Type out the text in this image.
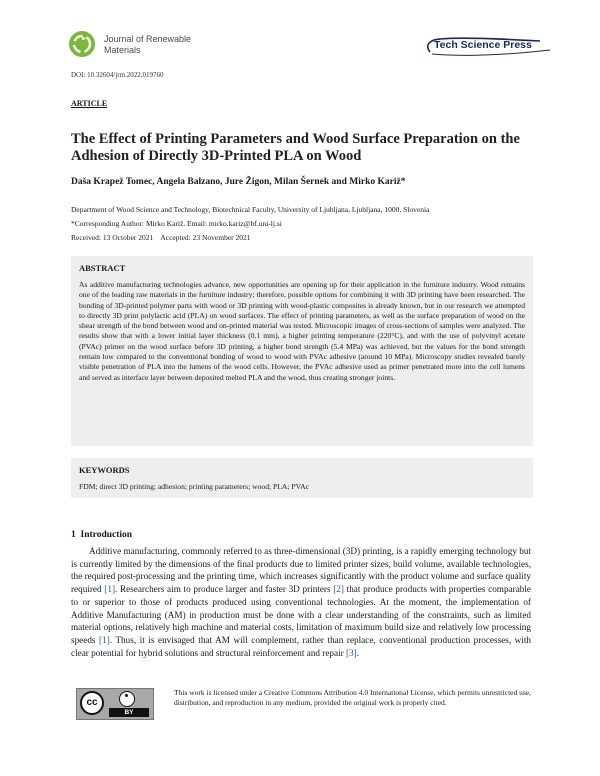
Journal of Renewable
Materials	Tech Science Press
DOI: 10.32604/jrm.2022.019760
ARTICLE
The Effect of Printing Parameters and Wood Surface Preparation on the Adhesion of Directly 3D-Printed PLA on Wood
Daša Krapež Tomec, Angela Balzano, Jure Žigon, Milan Šernek and Mirko Kariž*
Department of Wood Science and Technology, Biotechnical Faculty, University of Ljubljana, Ljubljana, 1000, Slovenia
*Corresponding Author: Mirko Kariž. Email: mirko.kariz@bf.uni-lj.si
Received: 13 October 2021    Accepted: 23 November 2021
ABSTRACT
As additive manufacturing technologies advance, new opportunities are opening up for their application in the furniture industry. Wood remains one of the leading raw materials in the furniture industry; therefore, possible options for combining it with 3D printing have been researched. The bonding of 3D-printed polymer parts with wood or 3D printing with wood-plastic composites is already known, but in our research we attempted to directly 3D print polylactic acid (PLA) on wood surfaces. The effect of printing parameters, as well as the surface preparation of wood on the shear strength of the bond between wood and on-printed material was tested. Microscopic images of cross-sections of samples were analyzed. The results show that with a lower initial layer thickness (0.1 mm), a higher printing temperature (220°C), and with the use of polyvinyl acetate (PVAc) primer on the wood surface before 3D printing, a higher bond strength (5.4 MPa) was achieved, but the values for the bond strength remain low compared to the conventional bonding of wood to wood with PVAc adhesive (around 10 MPa). Microscopy studies revealed barely visible penetration of PLA into the lumens of the wood cells. However, the PVAc adhesive used as primer penetrated more into the cell lumens and served as interface layer between deposited melted PLA and the wood, thus creating stronger joints.
KEYWORDS
FDM; direct 3D printing; adhesion; printing parameters; wood; PLA; PVAc
1  Introduction
Additive manufacturing, commonly referred to as three-dimensional (3D) printing, is a rapidly emerging technology but is currently limited by the dimensions of the final products due to limited printer sizes, build volume, available technologies, the required post-processing and the printing time, which increases significantly with the product volume and surface quality required [1]. Researchers aim to produce larger and faster 3D printers [2] that produce products with properties comparable to or superior to those of products produced using conventional technologies. At the moment, the implementation of Additive Manufacturing (AM) in production must be done with a clear understanding of the constraints, such as limited material options, relatively high machine and material costs, limitation of maximum build size and relatively low processing speeds [1]. Thus, it is envisaged that AM will complement, rather than replace, conventional production processes, with clear potential for hybrid solutions and structural reinforcement and repair [3].
cc
BY
This work is licensed under a Creative Commons Attribution 4.0 International License, which permits unrestricted use, distribution, and reproduction in any medium, provided the original work is properly cited.
